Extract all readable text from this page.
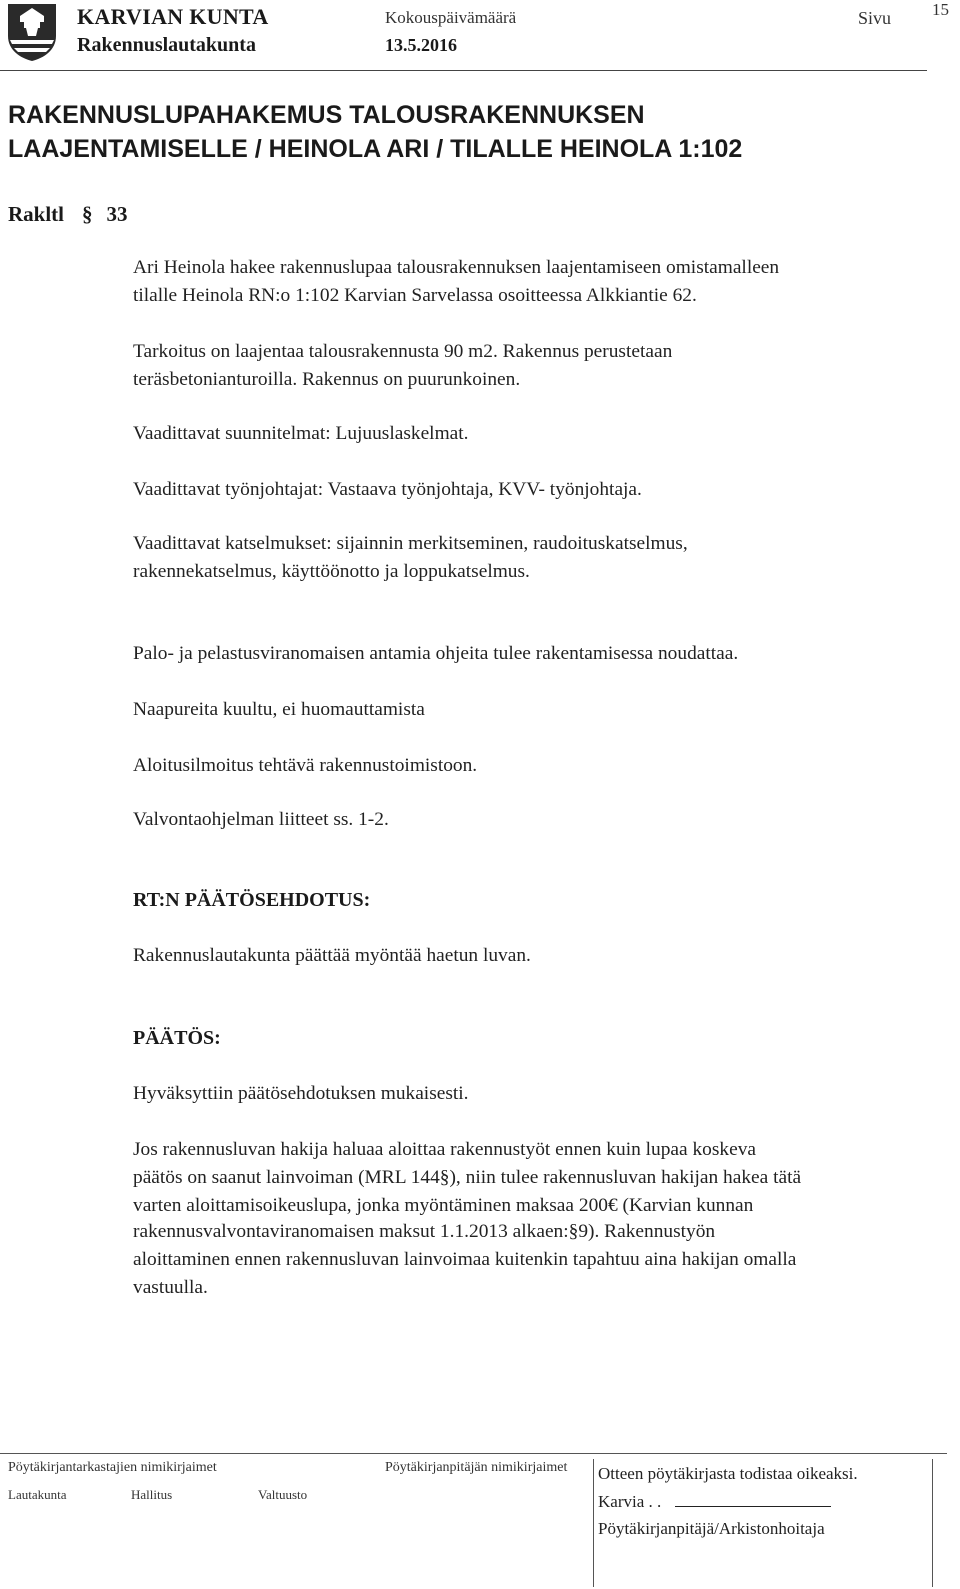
KARVIAN KUNTA
Rakennuslautakunta
Kokouspäivämäärä
13.5.2016
Sivu 15
RAKENNUSLUPAHAKEMUS TALOUSRAKENNUKSEN
LAAJENTAMISELLE / HEINOLA ARI / TILALLE HEINOLA 1:102
Rakltl § 33
Ari Heinola hakee rakennuslupaa talousrakennuksen laajentamiseen omistamalleen
tilalle Heinola RN:o 1:102 Karvian Sarvelassa osoitteessa Alkkiantie 62.
Tarkoitus on laajentaa talousrakennusta 90 m2. Rakennus perustetaan
teräsbetonianturoilla. Rakennus on puurunkoinen.
Vaadittavat suunnitelmat: Lujuuslaskelmat.
Vaadittavat työnjohtajat: Vastaava työnjohtaja, KVV- työnjohtaja.
Vaadittavat katselmukset: sijainnin merkitseminen, raudoituskatselmus,
rakennekatselmus, käyttöönotto ja loppukatselmus.
Palo- ja pelastusviranomaisen antamia ohjeita tulee rakentamisessa noudattaa.
Naapureita kuultu, ei huomauttamista
Aloitusilmoitus tehtävä rakennustoimistoon.
Valvontaohjelman liitteet ss. 1-2.
RT:N PÄÄTÖSEHDOTUS:
Rakennuslautakunta päättää myöntää haetun luvan.
PÄÄTÖS:
Hyväksyttiin päätösehdotuksen mukaisesti.
Jos rakennusluvan hakija haluaa aloittaa rakennustyöt ennen kuin lupaa koskeva
päätös on saanut lainvoiman (MRL 144§), niin tulee rakennusluvan hakijan hakea tätä
varten aloittamisoikeuslupa, jonka myöntäminen maksaa 200€ (Karvian kunnan
rakennusvalvontaviranomaisen maksut 1.1.2013 alkaen:§9). Rakennustyön
aloittaminen ennen rakennusluvan lainvoimaa kuitenkin tapahtuu aina hakijan omalla
vastuulla.
Pöytäkirjantarkastajien nimikirjaimet	Pöytäkirjanpitäjän nimikirjaimet
Lautakunta	Hallitus	Valtuusto
Otteen pöytäkirjasta todistaa oikeaksi.
Karvia . .
Pöytäkirjanpitäjä/Arkistonhoitaja
